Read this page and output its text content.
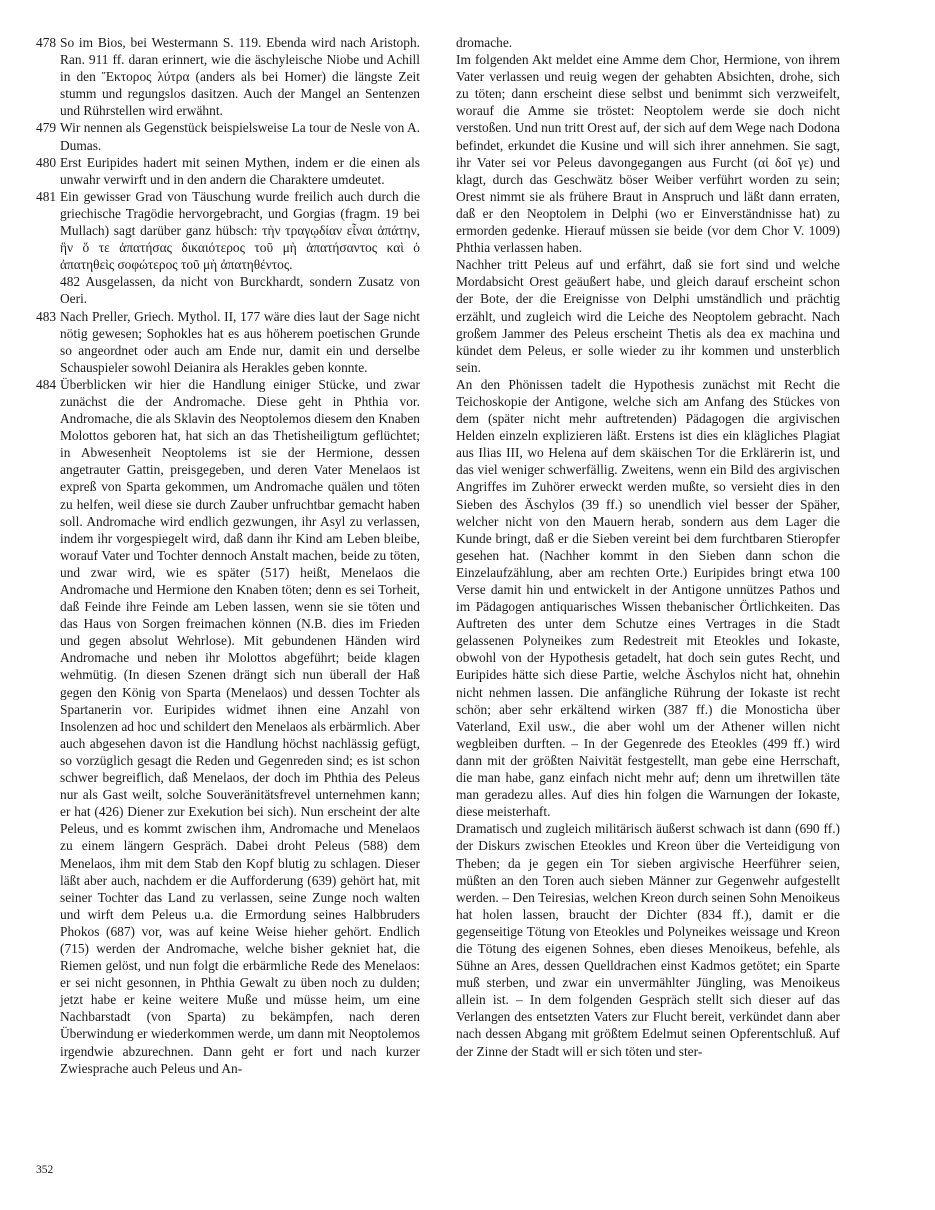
478 So im Bios, bei Westermann S. 119. Ebenda wird nach Aristoph. Ran. 911 ff. daran erinnert, wie die äschyleische Niobe und Achill in den Ἕκτορος λύτρα (anders als bei Homer) die längste Zeit stumm und regungslos dasitzen. Auch der Mangel an Sentenzen und Rührstellen wird erwähnt.

479 Wir nennen als Gegenstück beispielsweise La tour de Nesle von A. Dumas.

480 Erst Euripides hadert mit seinen Mythen, indem er die einen als unwahr verwirft und in den andern die Charaktere umdeutet.

481 Ein gewisser Grad von Täuschung wurde freilich auch durch die griechische Tragödie hervorgebracht, und Gorgias (fragm. 19 bei Mullach) sagt darüber ganz hübsch: τὴν τραγῳδίαν εἶναι ἀπάτην, ἣν ὅ τε ἀπατήσας δικαιότερος τοῦ μὴ ἀπατήσαντος καὶ ὁ ἀπατηθεὶς σοφώτερος τοῦ μὴ ἀπατηθέντος.

482 Ausgelassen, da nicht von Burckhardt, sondern Zusatz von Oeri.

483 Nach Preller, Griech. Mythol. II, 177 wäre dies laut der Sage nicht nötig gewesen; Sophokles hat es aus höherem poetischen Grunde so angeordnet oder auch am Ende nur, damit ein und derselbe Schauspieler sowohl Deianira als Herakles geben konnte.

484 Überblicken wir hier die Handlung einiger Stücke, und zwar zunächst die der Andromache. Diese geht in Phthia vor. Andromache, die als Sklavin des Neoptolemos diesem den Knaben Molottos geboren hat, hat sich an das Thetisheiligtum geflüchtet; in Abwesenheit Neoptolems ist sie der Hermione, dessen angetrauter Gattin, preisgegeben, und deren Vater Menelaos ist expreß von Sparta gekommen, um Andromache quälen und töten zu helfen, weil diese sie durch Zauber unfruchtbar gemacht haben soll. Andromache wird endlich gezwungen, ihr Asyl zu verlassen, indem ihr vorgespiegelt wird, daß dann ihr Kind am Leben bleibe, worauf Vater und Tochter dennoch Anstalt machen, beide zu töten, und zwar wird, wie es später (517) heißt, Menelaos die Andromache und Hermione den Knaben töten; denn es sei Torheit, daß Feinde ihre Feinde am Leben lassen, wenn sie sie töten und das Haus von Sorgen freimachen können (N.B. dies im Frieden und gegen absolut Wehrlose). Mit gebundenen Händen wird Andromache und neben ihr Molottos abgeführt; beide klagen wehmütig. (In diesen Szenen drängt sich nun überall der Haß gegen den König von Sparta (Menelaos) und dessen Tochter als Spartanerin vor. Euripides widmet ihnen eine Anzahl von Insolenzen ad hoc und schildert den Menelaos als erbärmlich. Aber auch abgesehen davon ist die Handlung höchst nachlässig gefügt, so vorzüglich gesagt die Reden und Gegenreden sind; es ist schon schwer begreiflich, daß Menelaos, der doch im Phthia des Peleus nur als Gast weilt, solche Souveränitätsfrevel unternehmen kann; er hat (426) Diener zur Exekution bei sich). Nun erscheint der alte Peleus, und es kommt zwischen ihm, Andromache und Menelaos zu einem längern Gespräch. Dabei droht Peleus (588) dem Menelaos, ihm mit dem Stab den Kopf blutig zu schlagen. Dieser läßt aber auch, nachdem er die Aufforderung (639) gehört hat, mit seiner Tochter das Land zu verlassen, seine Zunge noch walten und wirft dem Peleus u.a. die Ermordung seines Halbbruders Phokos (687) vor, was auf keine Weise hieher gehört. Endlich (715) werden der Andromache, welche bisher gekniet hat, die Riemen gelöst, und nun folgt die erbärmliche Rede des Menelaos: er sei nicht gesonnen, in Phthia Gewalt zu üben noch zu dulden; jetzt habe er keine weitere Muße und müsse heim, um eine Nachbarstadt (von Sparta) zu bekämpfen, nach deren Überwindung er wiederkommen werde, um dann mit Neoptolemos irgendwie abzurechnen. Dann geht er fort und nach kurzer Zwiesprache auch Peleus und An-

dromache.

Im folgenden Akt meldet eine Amme dem Chor, Hermione, von ihrem Vater verlassen und reuig wegen der gehabten Absichten, drohe, sich zu töten; dann erscheint diese selbst und benimmt sich verzweifelt, worauf die Amme sie tröstet: Neoptolem werde sie doch nicht verstoßen. Und nun tritt Orest auf, der sich auf dem Wege nach Dodona befindet, erkundet die Kusine und will sich ihrer annehmen. Sie sagt, ihr Vater sei vor Peleus davongegangen aus Furcht (αἰ δοῖ γε) und klagt, durch das Geschwätz böser Weiber verführt worden zu sein; Orest nimmt sie als frühere Braut in Anspruch und läßt dann erraten, daß er den Neoptolem in Delphi (wo er Einverständnisse hat) zu ermorden gedenke. Hierauf müssen sie beide (vor dem Chor V. 1009) Phthia verlassen haben.

Nachher tritt Peleus auf und erfährt, daß sie fort sind und welche Mordabsicht Orest geäußert habe, und gleich darauf erscheint schon der Bote, der die Ereignisse von Delphi umständlich und prächtig erzählt, und zugleich wird die Leiche des Neoptolem gebracht. Nach großem Jammer des Peleus erscheint Thetis als dea ex machina und kündet dem Peleus, er solle wieder zu ihr kommen und unsterblich sein.

An den Phönissen tadelt die Hypothesis zunächst mit Recht die Teichoskopie der Antigone, welche sich am Anfang des Stückes von dem (später nicht mehr auftretenden) Pädagogen die argivischen Helden einzeln explizieren läßt. Erstens ist dies ein klägliches Plagiat aus Ilias III, wo Helena auf dem skäischen Tor die Erklärerin ist, und das viel weniger schwerfällig. Zweitens, wenn ein Bild des argivischen Angriffes im Zuhörer erweckt werden mußte, so versieht dies in den Sieben des Äschylos (39 ff.) so unendlich viel besser der Späher, welcher nicht von den Mauern herab, sondern aus dem Lager die Kunde bringt, daß er die Sieben vereint bei dem furchtbaren Stieropfer gesehen hat. (Nachher kommt in den Sieben dann schon die Einzelaufzählung, aber am rechten Orte.) Euripides bringt etwa 100 Verse damit hin und entwickelt in der Antigone unnützes Pathos und im Pädagogen antiquarisches Wissen thebanischer Örtlichkeiten. Das Auftreten des unter dem Schutze eines Vertrages in die Stadt gelassenen Polyneikes zum Redestreit mit Eteokles und Iokaste, obwohl von der Hypothesis getadelt, hat doch sein gutes Recht, und Euripides hätte sich diese Partie, welche Äschylos nicht hat, ohnehin nicht nehmen lassen. Die anfängliche Rührung der Iokaste ist recht schön; aber sehr erkältend wirken (387 ff.) die Monosticha über Vaterland, Exil usw., die aber wohl um der Athener willen nicht wegbleiben durften. – In der Gegenrede des Eteokles (499 ff.) wird dann mit der größten Naivität festgestellt, man gebe eine Herrschaft, die man habe, ganz einfach nicht mehr auf; denn um ihretwillen täte man geradezu alles. Auf dies hin folgen die Warnungen der Iokaste, diese meisterhaft.

Dramatisch und zugleich militärisch äußerst schwach ist dann (690 ff.) der Diskurs zwischen Eteokles und Kreon über die Verteidigung von Theben; da je gegen ein Tor sieben argivische Heerführer seien, müßten an den Toren auch sieben Männer zur Gegenwehr aufgestellt werden. – Den Teiresias, welchen Kreon durch seinen Sohn Menoikeus hat holen lassen, braucht der Dichter (834 ff.), damit er die gegenseitige Tötung von Eteokles und Polyneikes weissage und Kreon die Tötung des eigenen Sohnes, eben dieses Menoikeus, befehle, als Sühne an Ares, dessen Quelldrachen einst Kadmos getötet; ein Sparte muß sterben, und zwar ein unvermählter Jüngling, was Menoikeus allein ist. – In dem folgenden Gespräch stellt sich dieser auf das Verlangen des entsetzten Vaters zur Flucht bereit, verkündet dann aber nach dessen Abgang mit größtem Edelmut seinen Opferentschluß. Auf der Zinne der Stadt will er sich töten und ster-

352
